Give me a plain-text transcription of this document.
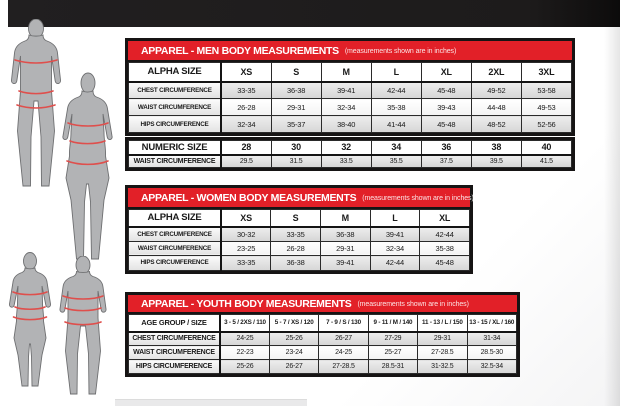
APPAREL - MEN BODY MEASUREMENTS (measurements shown are in inches)
ALPHA SIZE	XS	S	M	L	XL	2XL	3XL
CHEST CIRCUMFERENCE	33-35	36-38	39-41	42-44	45-48	49-52	53-58
WAIST CIRCUMFERENCE	26-28	29-31	32-34	35-38	39-43	44-48	49-53
HIPS CIRCUMFERENCE	32-34	35-37	38-40	41-44	45-48	48-52	52-56
NUMERIC SIZE	28	30	32	34	36	38	40
WAIST CIRCUMFERENCE	29.5	31.5	33.5	35.5	37.5	39.5	41.5
APPAREL - WOMEN BODY MEASUREMENTS (measurements shown are in inches)
ALPHA SIZE	XS	S	M	L	XL
CHEST CIRCUMFERENCE	30-32	33-35	36-38	39-41	42-44
WAIST CIRCUMFERENCE	23-25	26-28	29-31	32-34	35-38
HIPS CIRCUMFERENCE	33-35	36-38	39-41	42-44	45-48
APPAREL - YOUTH BODY MEASUREMENTS (measurements shown are in inches)
AGE GROUP / SIZE	3 - 5 / 2XS / 110	5 - 7 / XS / 120	7 - 9 / S / 130	9 - 11 / M / 140	11 - 13 / L / 150	13 - 15 / XL / 160
CHEST CIRCUMFERENCE	24-25	25-26	26-27	27-29	29-31	31-34
WAIST CIRCUMFERENCE	22-23	23-24	24-25	25-27	27-28.5	28.5-30
HIPS CIRCUMFERENCE	25-26	26-27	27-28.5	28.5-31	31-32.5	32.5-34
